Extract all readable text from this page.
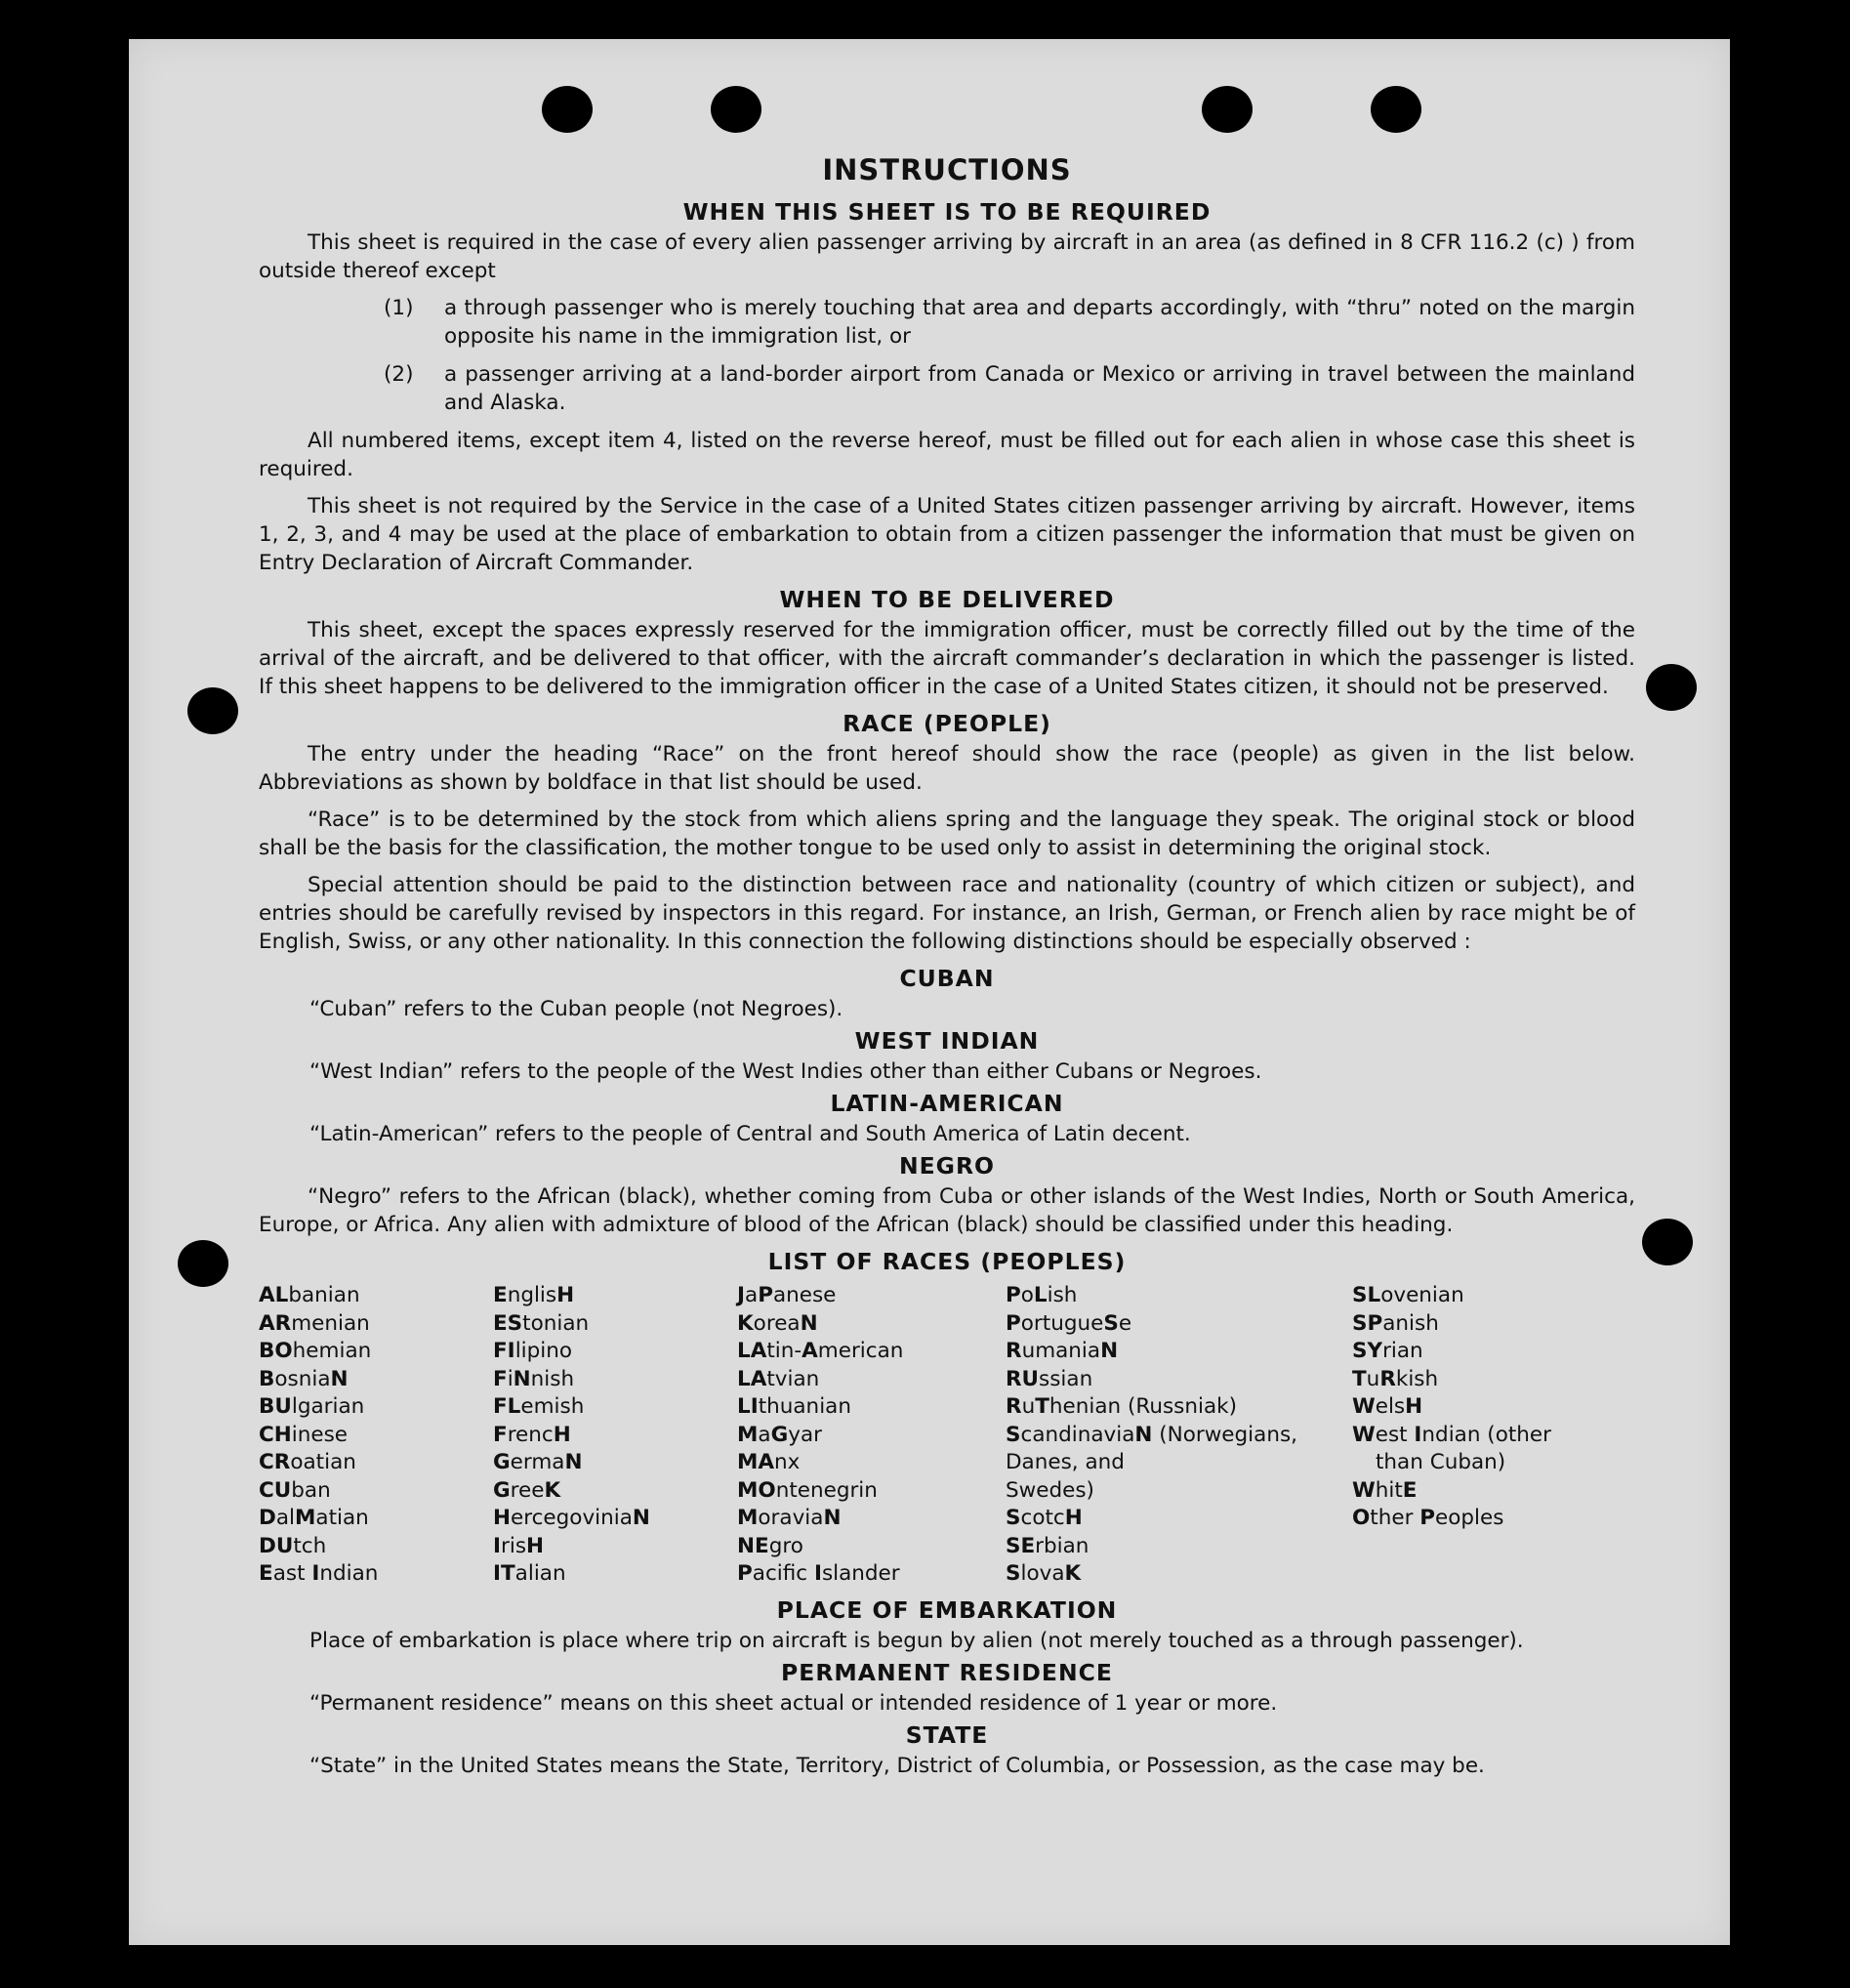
INSTRUCTIONS
WHEN THIS SHEET IS TO BE REQUIRED
This sheet is required in the case of every alien passenger arriving by aircraft in an area (as defined in 8 CFR 116.2 (c) ) from outside thereof except
(1)	a through passenger who is merely touching that area and departs accordingly, with “thru” noted on the margin opposite his name in the immigration list, or
(2)	a passenger arriving at a land-border airport from Canada or Mexico or arriving in travel between the mainland and Alaska.
All numbered items, except item 4, listed on the reverse hereof, must be filled out for each alien in whose case this sheet is required.
This sheet is not required by the Service in the case of a United States citizen passenger arriving by aircraft. However, items 1, 2, 3, and 4 may be used at the place of embarkation to obtain from a citizen passenger the information that must be given on Entry Declaration of Aircraft Commander.
WHEN TO BE DELIVERED
This sheet, except the spaces expressly reserved for the immigration officer, must be correctly filled out by the time of the arrival of the aircraft, and be delivered to that officer, with the aircraft commander’s declaration in which the passenger is listed. If this sheet happens to be delivered to the immigration officer in the case of a United States citizen, it should not be preserved.
RACE (PEOPLE)
The entry under the heading “Race” on the front hereof should show the race (people) as given in the list below. Abbreviations as shown by boldface in that list should be used.
“Race” is to be determined by the stock from which aliens spring and the language they speak. The original stock or blood shall be the basis for the classification, the mother tongue to be used only to assist in determining the original stock.
Special attention should be paid to the distinction between race and nationality (country of which citizen or subject), and entries should be carefully revised by inspectors in this regard. For instance, an Irish, German, or French alien by race might be of English, Swiss, or any other nationality. In this connection the following distinctions should be especially observed :
CUBAN
“Cuban” refers to the Cuban people (not Negroes).
WEST INDIAN
“West Indian” refers to the people of the West Indies other than either Cubans or Negroes.
LATIN-AMERICAN
“Latin-American” refers to the people of Central and South America of Latin decent.
NEGRO
“Negro” refers to the African (black), whether coming from Cuba or other islands of the West Indies, North or South America, Europe, or Africa. Any alien with admixture of blood of the African (black) should be classified under this heading.
LIST OF RACES (PEOPLES)
ALbanian
ARmenian
BOhemian
BosniaN
BUlgarian
CHinese
CRoatian
CUban
DalMatian
DUtch
East Indian
EnglisH
EStonian
FIlipino
FiNnish
FLemish
FrencH
GermaN
GreeK
HercegoviniaN
IrisH
ITalian
JaPanese
KoreaN
LAtin-American
LAtvian
LIthuanian
MaGyar
MAnx
MOntenegrin
MoraviaN
NEgro
Pacific Islander
PoLish
PortugueSe
RumaniaN
RUssian
RuThenian (Russniak)
ScandinaviaN (Norwegians,
Danes, and
Swedes)
ScotcH
SErbian
SlovaK
SLovenian
SPanish
SYrian
TuRkish
WelsH
West Indian (other
than Cuban)
WhitE
Other Peoples
PLACE OF EMBARKATION
Place of embarkation is place where trip on aircraft is begun by alien (not merely touched as a through passenger).
PERMANENT RESIDENCE
“Permanent residence” means on this sheet actual or intended residence of 1 year or more.
STATE
“State” in the United States means the State, Territory, District of Columbia, or Possession, as the case may be.
